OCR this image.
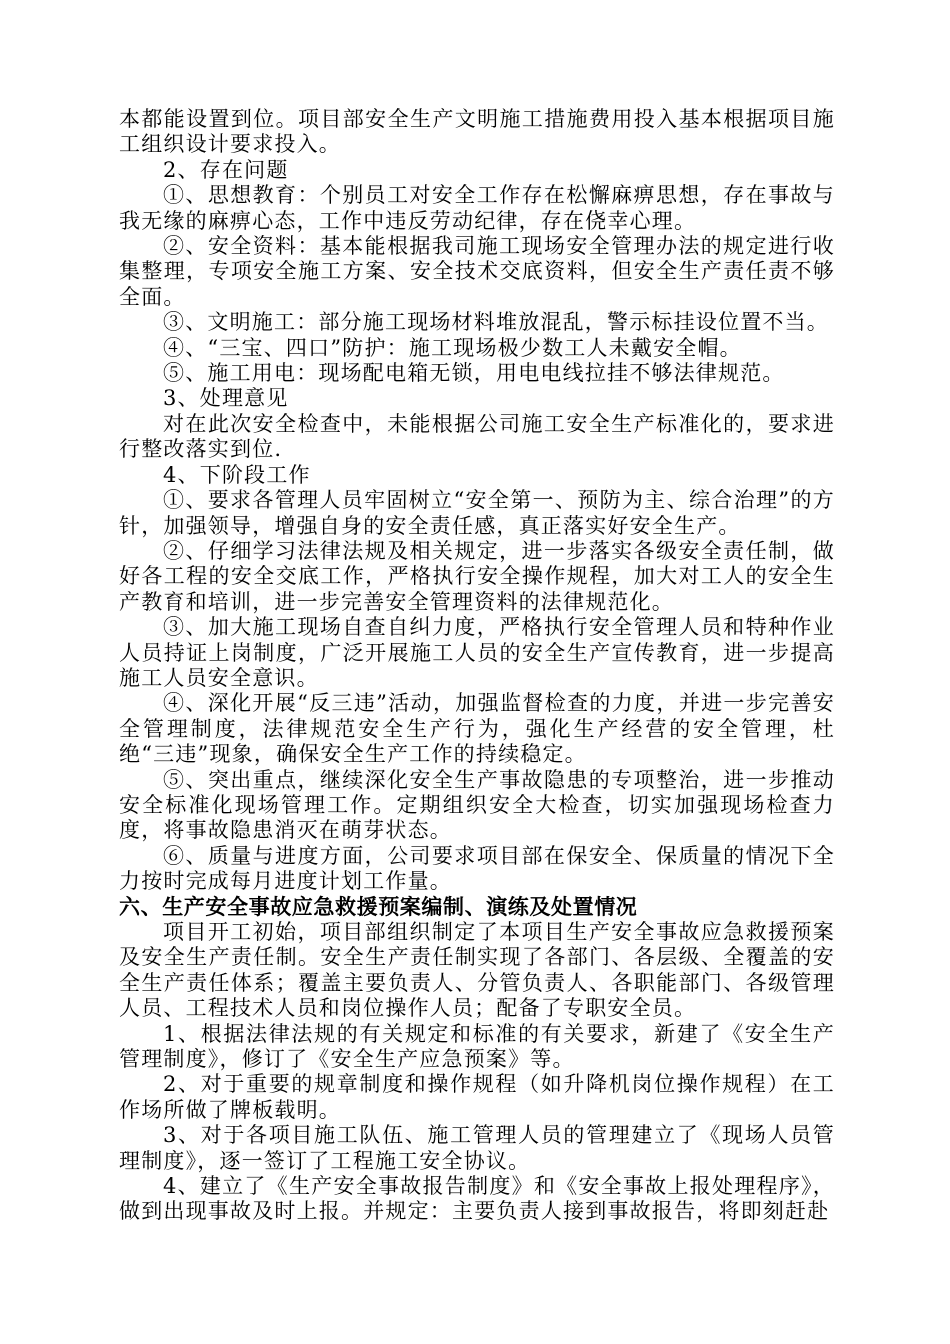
本都能设置到位。项目部安全生产文明施工措施费用投入基本根据项目施工组织设计要求投入。

2、存在问题

①、思想教育：个别员工对安全工作存在松懈麻痹思想，存在事故与我无缘的麻痹心态，工作中违反劳动纪律，存在侥幸心理。

②、安全资料：基本能根据我司施工现场安全管理办法的规定进行收集整理，专项安全施工方案、安全技术交底资料，但安全生产责任责不够全面。

③、文明施工：部分施工现场材料堆放混乱，警示标挂设位置不当。

④、“三宝、四口”防护：施工现场极少数工人未戴安全帽。

⑤、施工用电：现场配电箱无锁，用电电线拉挂不够法律规范。

3、处理意见

对在此次安全检查中，未能根据公司施工安全生产标准化的，要求进行整改落实到位.

4、下阶段工作

①、要求各管理人员牢固树立“安全第一、预防为主、综合治理”的方针，加强领导，增强自身的安全责任感，真正落实好安全生产。

②、仔细学习法律法规及相关规定，进一步落实各级安全责任制，做好各工程的安全交底工作，严格执行安全操作规程，加大对工人的安全生产教育和培训，进一步完善安全管理资料的法律规范化。

③、加大施工现场自查自纠力度，严格执行安全管理人员和特种作业人员持证上岗制度，广泛开展施工人员的安全生产宣传教育，进一步提高施工人员安全意识。

④、深化开展“反三违”活动，加强监督检查的力度，并进一步完善安全管理制度，法律规范安全生产行为，强化生产经营的安全管理，杜绝“三违”现象，确保安全生产工作的持续稳定。

⑤、突出重点，继续深化安全生产事故隐患的专项整治，进一步推动安全标准化现场管理工作。定期组织安全大检查，切实加强现场检查力度，将事故隐患消灭在萌芽状态。

⑥、质量与进度方面，公司要求项目部在保安全、保质量的情况下全力按时完成每月进度计划工作量。

六、生产安全事故应急救援预案编制、演练及处置情况

项目开工初始，项目部组织制定了本项目生产安全事故应急救援预案及安全生产责任制。安全生产责任制实现了各部门、各层级、全覆盖的安全生产责任体系；覆盖主要负责人、分管负责人、各职能部门、各级管理人员、工程技术人员和岗位操作人员；配备了专职安全员。

1、根据法律法规的有关规定和标准的有关要求，新建了《安全生产管理制度》，修订了《安全生产应急预案》等。

2、对于重要的规章制度和操作规程（如升降机岗位操作规程）在工作场所做了牌板载明。

3、对于各项目施工队伍、施工管理人员的管理建立了《现场人员管理制度》，逐一签订了工程施工安全协议。

4、建立了《生产安全事故报告制度》和《安全事故上报处理程序》，做到出现事故及时上报。并规定：主要负责人接到事故报告，将即刻赶赴
